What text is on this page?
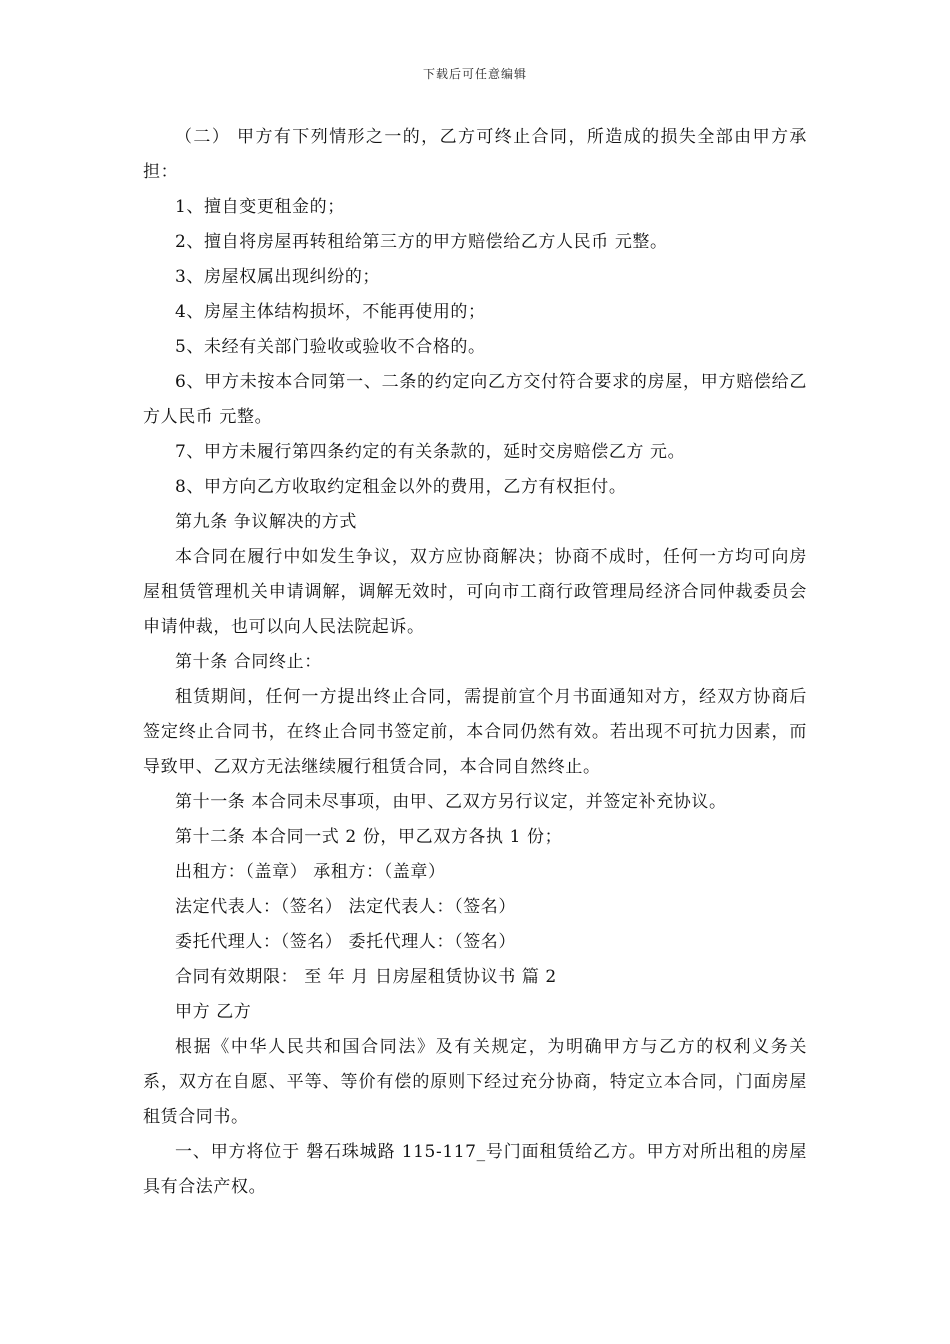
下载后可任意编辑

（二） 甲方有下列情形之一的，乙方可终止合同，所造成的损失全部由甲方承担：

1、擅自变更租金的；

2、擅自将房屋再转租给第三方的甲方赔偿给乙方人民币 元整。

3、房屋权属出现纠纷的；

4、房屋主体结构损坏，不能再使用的；

5、未经有关部门验收或验收不合格的。

6、甲方未按本合同第一、二条的约定向乙方交付符合要求的房屋，甲方赔偿给乙方人民币 元整。

7、甲方未履行第四条约定的有关条款的，延时交房赔偿乙方 元。

8、甲方向乙方收取约定租金以外的费用，乙方有权拒付。

第九条 争议解决的方式

本合同在履行中如发生争议，双方应协商解决；协商不成时，任何一方均可向房屋租赁管理机关申请调解，调解无效时，可向市工商行政管理局经济合同仲裁委员会申请仲裁，也可以向人民法院起诉。

第十条 合同终止：

租赁期间，任何一方提出终止合同，需提前宣个月书面通知对方，经双方协商后签定终止合同书，在终止合同书签定前，本合同仍然有效。若出现不可抗力因素，而导致甲、乙双方无法继续履行租赁合同，本合同自然终止。

第十一条 本合同未尽事项，由甲、乙双方另行议定，并签定补充协议。

第十二条 本合同一式 2 份，甲乙双方各执 1 份；

出租方：（盖章） 承租方：（盖章）

法定代表人：（签名） 法定代表人：（签名）

委托代理人：（签名） 委托代理人：（签名）

合同有效期限： 至 年 月 日房屋租赁协议书 篇 2

甲方 乙方

根据《中华人民共和国合同法》及有关规定，为明确甲方与乙方的权利义务关系，双方在自愿、平等、等价有偿的原则下经过充分协商，特定立本合同，门面房屋租赁合同书。

一、甲方将位于 磐石珠城路 115-117_号门面租赁给乙方。甲方对所出租的房屋具有合法产权。
